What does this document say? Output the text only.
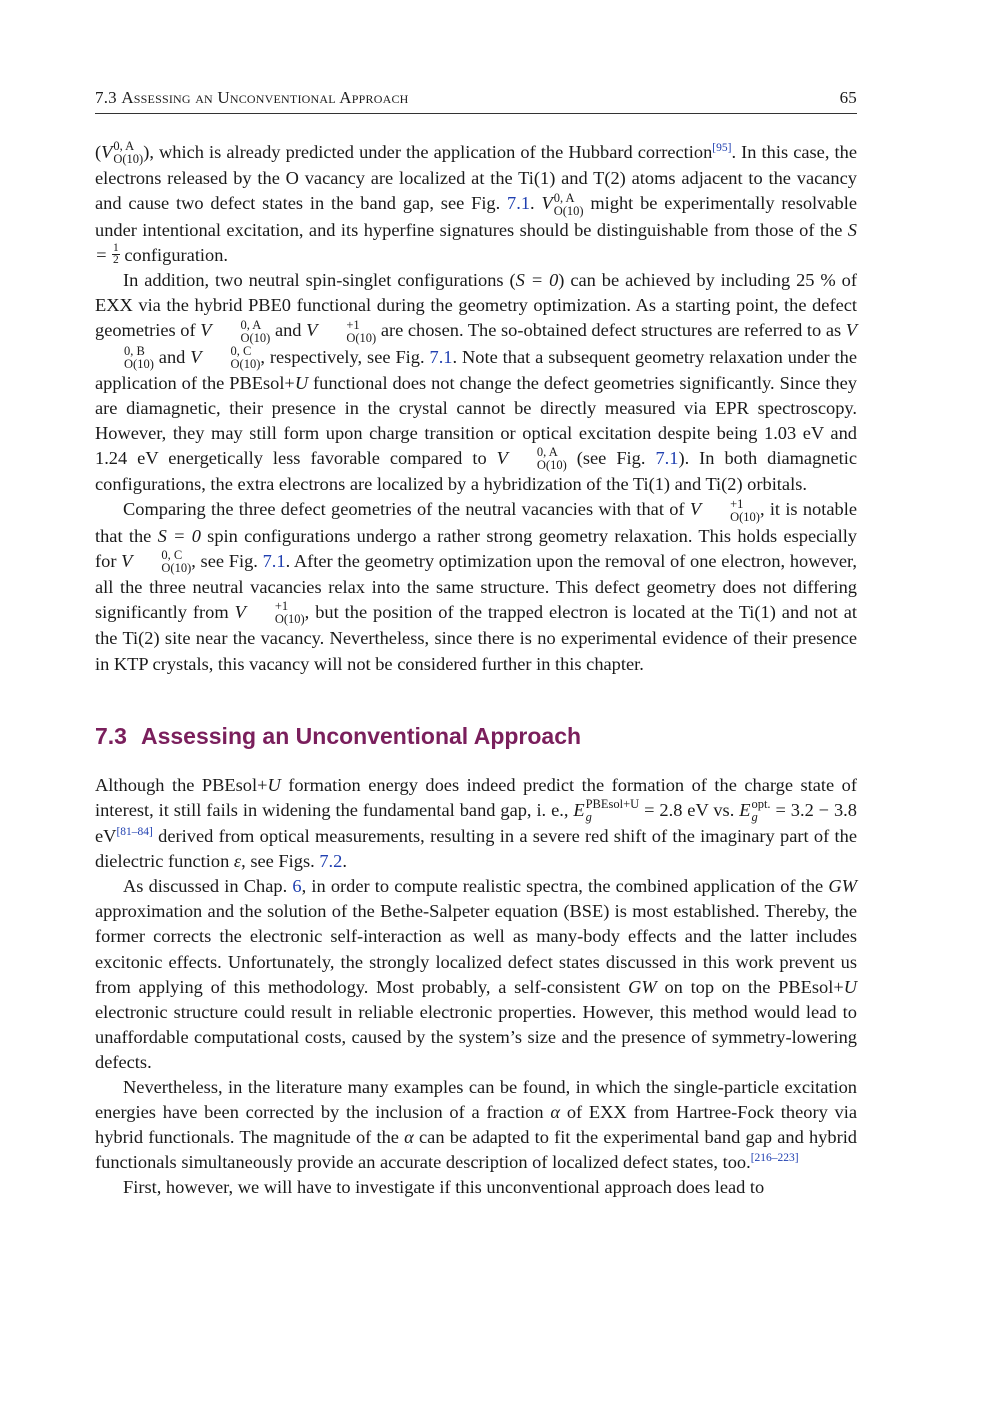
7.3 Assessing an Unconventional Approach	65

(V 0, A
O(10) ), which is already predicted under the application of the Hubbard correction[95]. In this case, the electrons released by the O vacancy are localized at the Ti(1) and T(2) atoms adjacent to the vacancy and cause two defect states in the band gap, see Fig. 7.1. V 0, A
O(10) might be experimentally resolvable under intentional excitation, and its hyperfine signatures should be distinguishable from those of the $S = \frac{1}{2}$ configuration.

In addition, two neutral spin-singlet configurations (S = 0) can be achieved by including 25 % of EXX via the hybrid PBE0 functional during the geometry optimization. As a starting point, the defect geometries of V	0, A
O(10) and V	+1
O(10) are chosen. The so-obtained defect structures are referred to as V
0, B
O(10) and V	0, C
O(10) , respectively, see Fig. 7.1. Note that a subsequent geometry relaxation under the application of the PBEsol+U functional does not change the defect geometries significantly. Since they are diamagnetic, their presence in the crystal cannot be directly measured via EPR spectroscopy. However, they may still form upon charge transition or optical excitation despite being 1.03 eV and 1.24 eV energetically less favorable compared to V	0, A
O(10) (see Fig. 7.1). In both diamagnetic configurations, the extra electrons are localized by a hybridization of the Ti(1) and Ti(2) orbitals.

Comparing the three defect geometries of the neutral vacancies with that of V	+1
O(10) , it is notable that the S = 0 spin configurations undergo a rather strong geometry relaxation. This holds especially for V	0, C
O(10) , see Fig. 7.1. After the geometry optimization upon the removal of one electron, however, all the three neutral vacancies relax into the same structure. This defect geometry does not differing significantly from V	+1
O(10) , but the position of the trapped electron is located at the Ti(1) and not at the Ti(2) site near the vacancy. Nevertheless, since there is no experimental evidence of their presence in KTP crystals, this vacancy will not be considered further in this chapter.

7.3 Assessing an Unconventional Approach

Although the PBEsol+U formation energy does indeed predict the formation of the charge state of interest, it still fails in widening the fundamental band gap, i. e., E PBEsol+U
g	= 2.8 eV vs. E opt.
g = 3.2 − 3.8 eV[81–84] derived from optical measurements, resulting in a severe red shift of the imaginary part of the dielectric function ε, see Figs. 7.2.

As discussed in Chap. 6, in order to compute realistic spectra, the combined application of the GW approximation and the solution of the Bethe-Salpeter equation (BSE) is most established. Thereby, the former corrects the electronic self-interaction as well as many-body effects and the latter includes excitonic effects. Unfortunately, the strongly localized defect states discussed in this work prevent us from applying of this methodology. Most probably, a self-consistent GW on top on the PBEsol+U electronic structure could result in reliable electronic properties. However, this method would lead to unaffordable computational costs, caused by the system’s size and the presence of symmetry-lowering defects.

Nevertheless, in the literature many examples can be found, in which the single-particle excitation energies have been corrected by the inclusion of a fraction α of EXX from Hartree-Fock theory via hybrid functionals. The magnitude of the α can be adapted to fit the experimental band gap and hybrid functionals simultaneously provide an accurate description of localized defect states, too.[216–223]

First, however, we will have to investigate if this unconventional approach does lead to
